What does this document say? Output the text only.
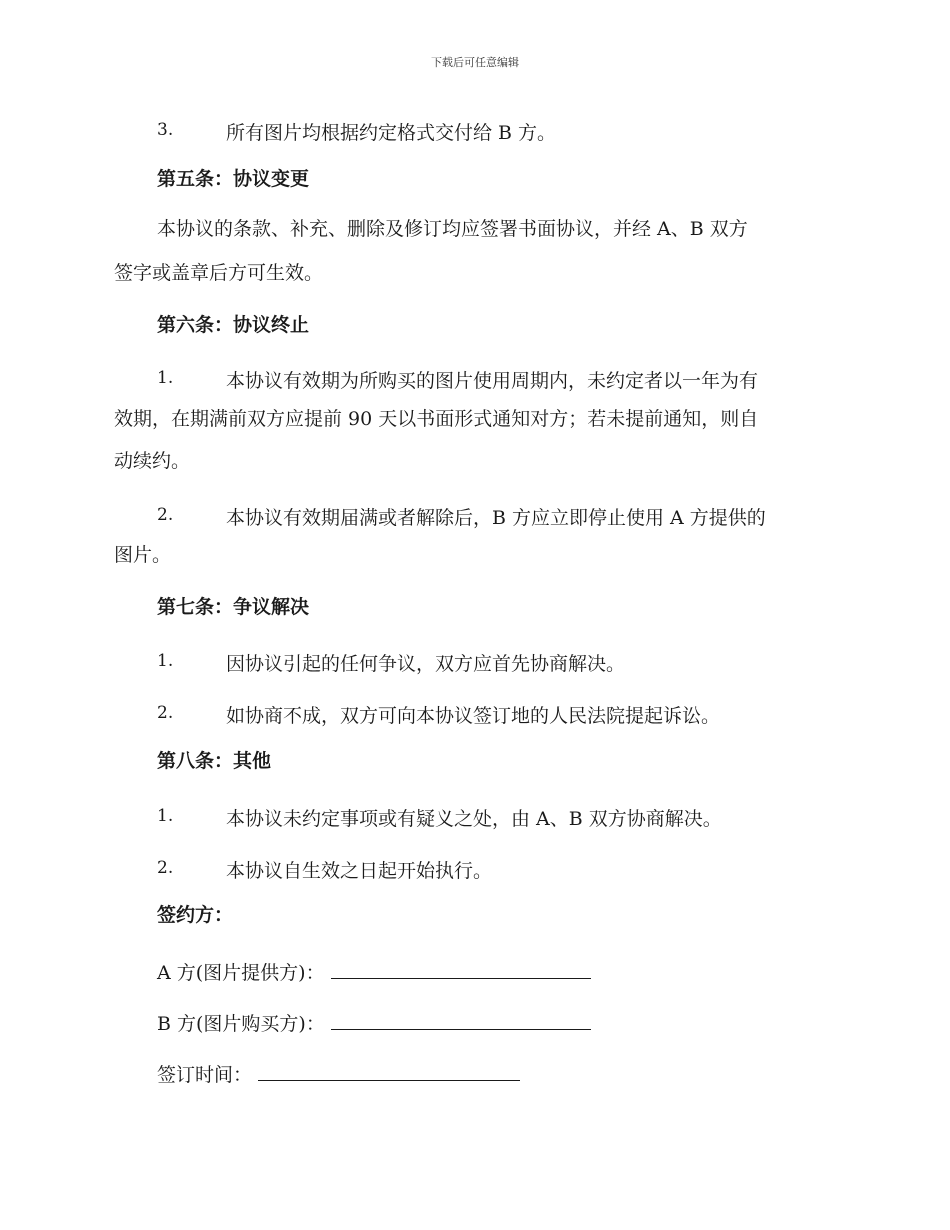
下载后可任意编辑
3.	所有图片均根据约定格式交付给 B 方。
第五条：协议变更
本协议的条款、补充、删除及修订均应签署书面协议，并经 A、B 双方
签字或盖章后方可生效。
第六条：协议终止
1.	本协议有效期为所购买的图片使用周期内，未约定者以一年为有
效期，在期满前双方应提前 90 天以书面形式通知对方；若未提前通知，则自
动续约。
2.	本协议有效期届满或者解除后，B 方应立即停止使用 A 方提供的
图片。
第七条：争议解决
1.	因协议引起的任何争议，双方应首先协商解决。
2.	如协商不成，双方可向本协议签订地的人民法院提起诉讼。
第八条：其他
1.	本协议未约定事项或有疑义之处，由 A、B 双方协商解决。
2.	本协议自生效之日起开始执行。
签约方：
A 方(图片提供方)：
B 方(图片购买方)：
签订时间：
